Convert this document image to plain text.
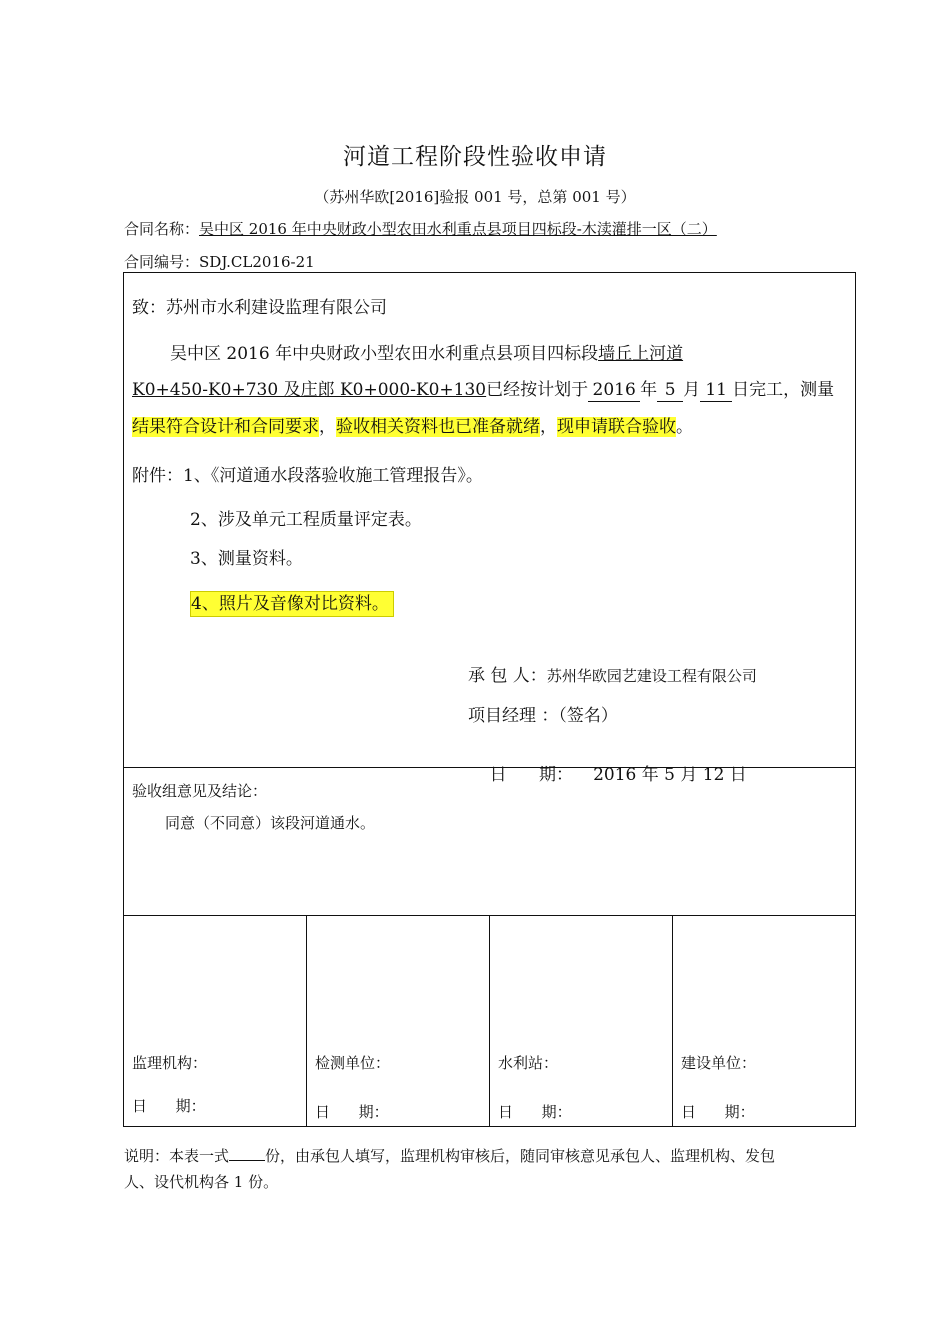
河道工程阶段性验收申请
（苏州华欧[2016]验报 001 号，总第 001 号）
合同名称：吴中区 2016 年中央财政小型农田水利重点县项目四标段-木渎灌排一区（二）
合同编号：SDJ.CL2016-21
致：苏州市水利建设监理有限公司
吴中区 2016 年中央财政小型农田水利重点县项目四标段墙丘上河道
K0+450-K0+730 及庄郎 K0+000-K0+130已经按计划于 2016 年 5 月 11 日完工，测量
结果符合设计和合同要求，验收相关资料也已准备就绪，现申请联合验收。
附件：1、《河道通水段落验收施工管理报告》。
2、涉及单元工程质量评定表。
3、测量资料。
4、照片及音像对比资料。
承 包 人：苏州华欧园艺建设工程有限公司
项目经理 ：（签名）

日      期： 2016 年 5 月 12 日

验收组意见及结论：
同意（不同意）该段河道通水。
监理机构：
日      期：
检测单位：
日      期：
水利站：
日      期：
建设单位：
日      期：
说明：本表一式 份，由承包人填写，监理机构审核后，随同审核意见承包人、监理机构、发包
人、设代机构各 1 份。
